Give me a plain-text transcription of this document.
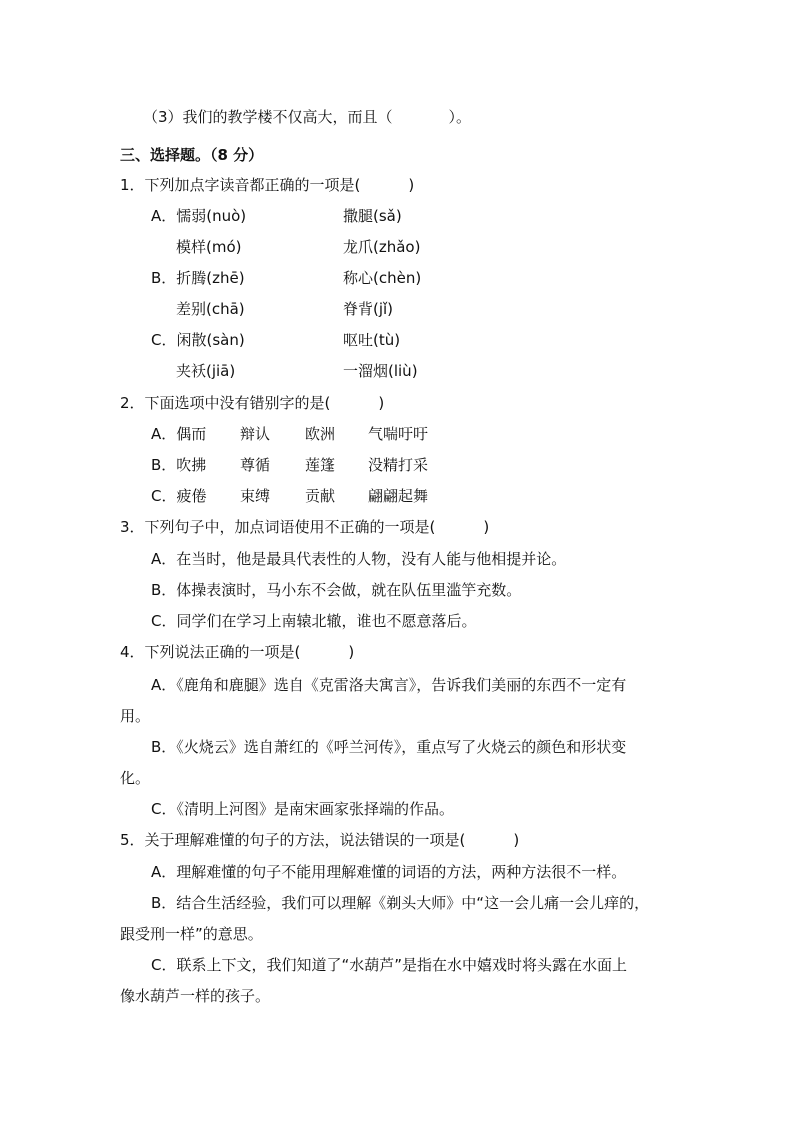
（3）我们的教学楼不仅高大，而且（	）。
三、选择题。（8 分）
1．下列加点字读音都正确的一项是(	)
A．懦弱(nuò)	撒腿(sǎ)
模样(mó)	龙爪(zhǎo)
B．折腾(zhē)	称心(chèn)
差别(chā)	脊背(jǐ)
C．闲散(sàn)	呕吐(tù)
夹袄(jiā)	一溜烟(liù)
2．下面选项中没有错别字的是(	)
A．偶而 辩认 欧洲 气喘吁吁
B．吹拂 尊循 莲篷 没精打采
C．疲倦 束缚 贡献 翩翩起舞
3．下列句子中，加点词语使用不正确的一项是(	)
A．在当时，他是最具代表性的人物，没有人能与他相提并论。
B．体操表演时，马小东不会做，就在队伍里滥竽充数。
C．同学们在学习上南辕北辙，谁也不愿意落后。
4．下列说法正确的一项是(	)
A．《鹿角和鹿腿》选自《克雷洛夫寓言》，告诉我们美丽的东西不一定有
用。
B．《火烧云》选自萧红的《呼兰河传》，重点写了火烧云的颜色和形状变
化。
C．《清明上河图》是南宋画家张择端的作品。
5．关于理解难懂的句子的方法，说法错误的一项是(	)
A．理解难懂的句子不能用理解难懂的词语的方法，两种方法很不一样。
B．结合生活经验，我们可以理解《剃头大师》中“这一会儿痛一会儿痒的，
跟受刑一样”的意思。
C．联系上下文，我们知道了“水葫芦”是指在水中嬉戏时将头露在水面上
像水葫芦一样的孩子。
